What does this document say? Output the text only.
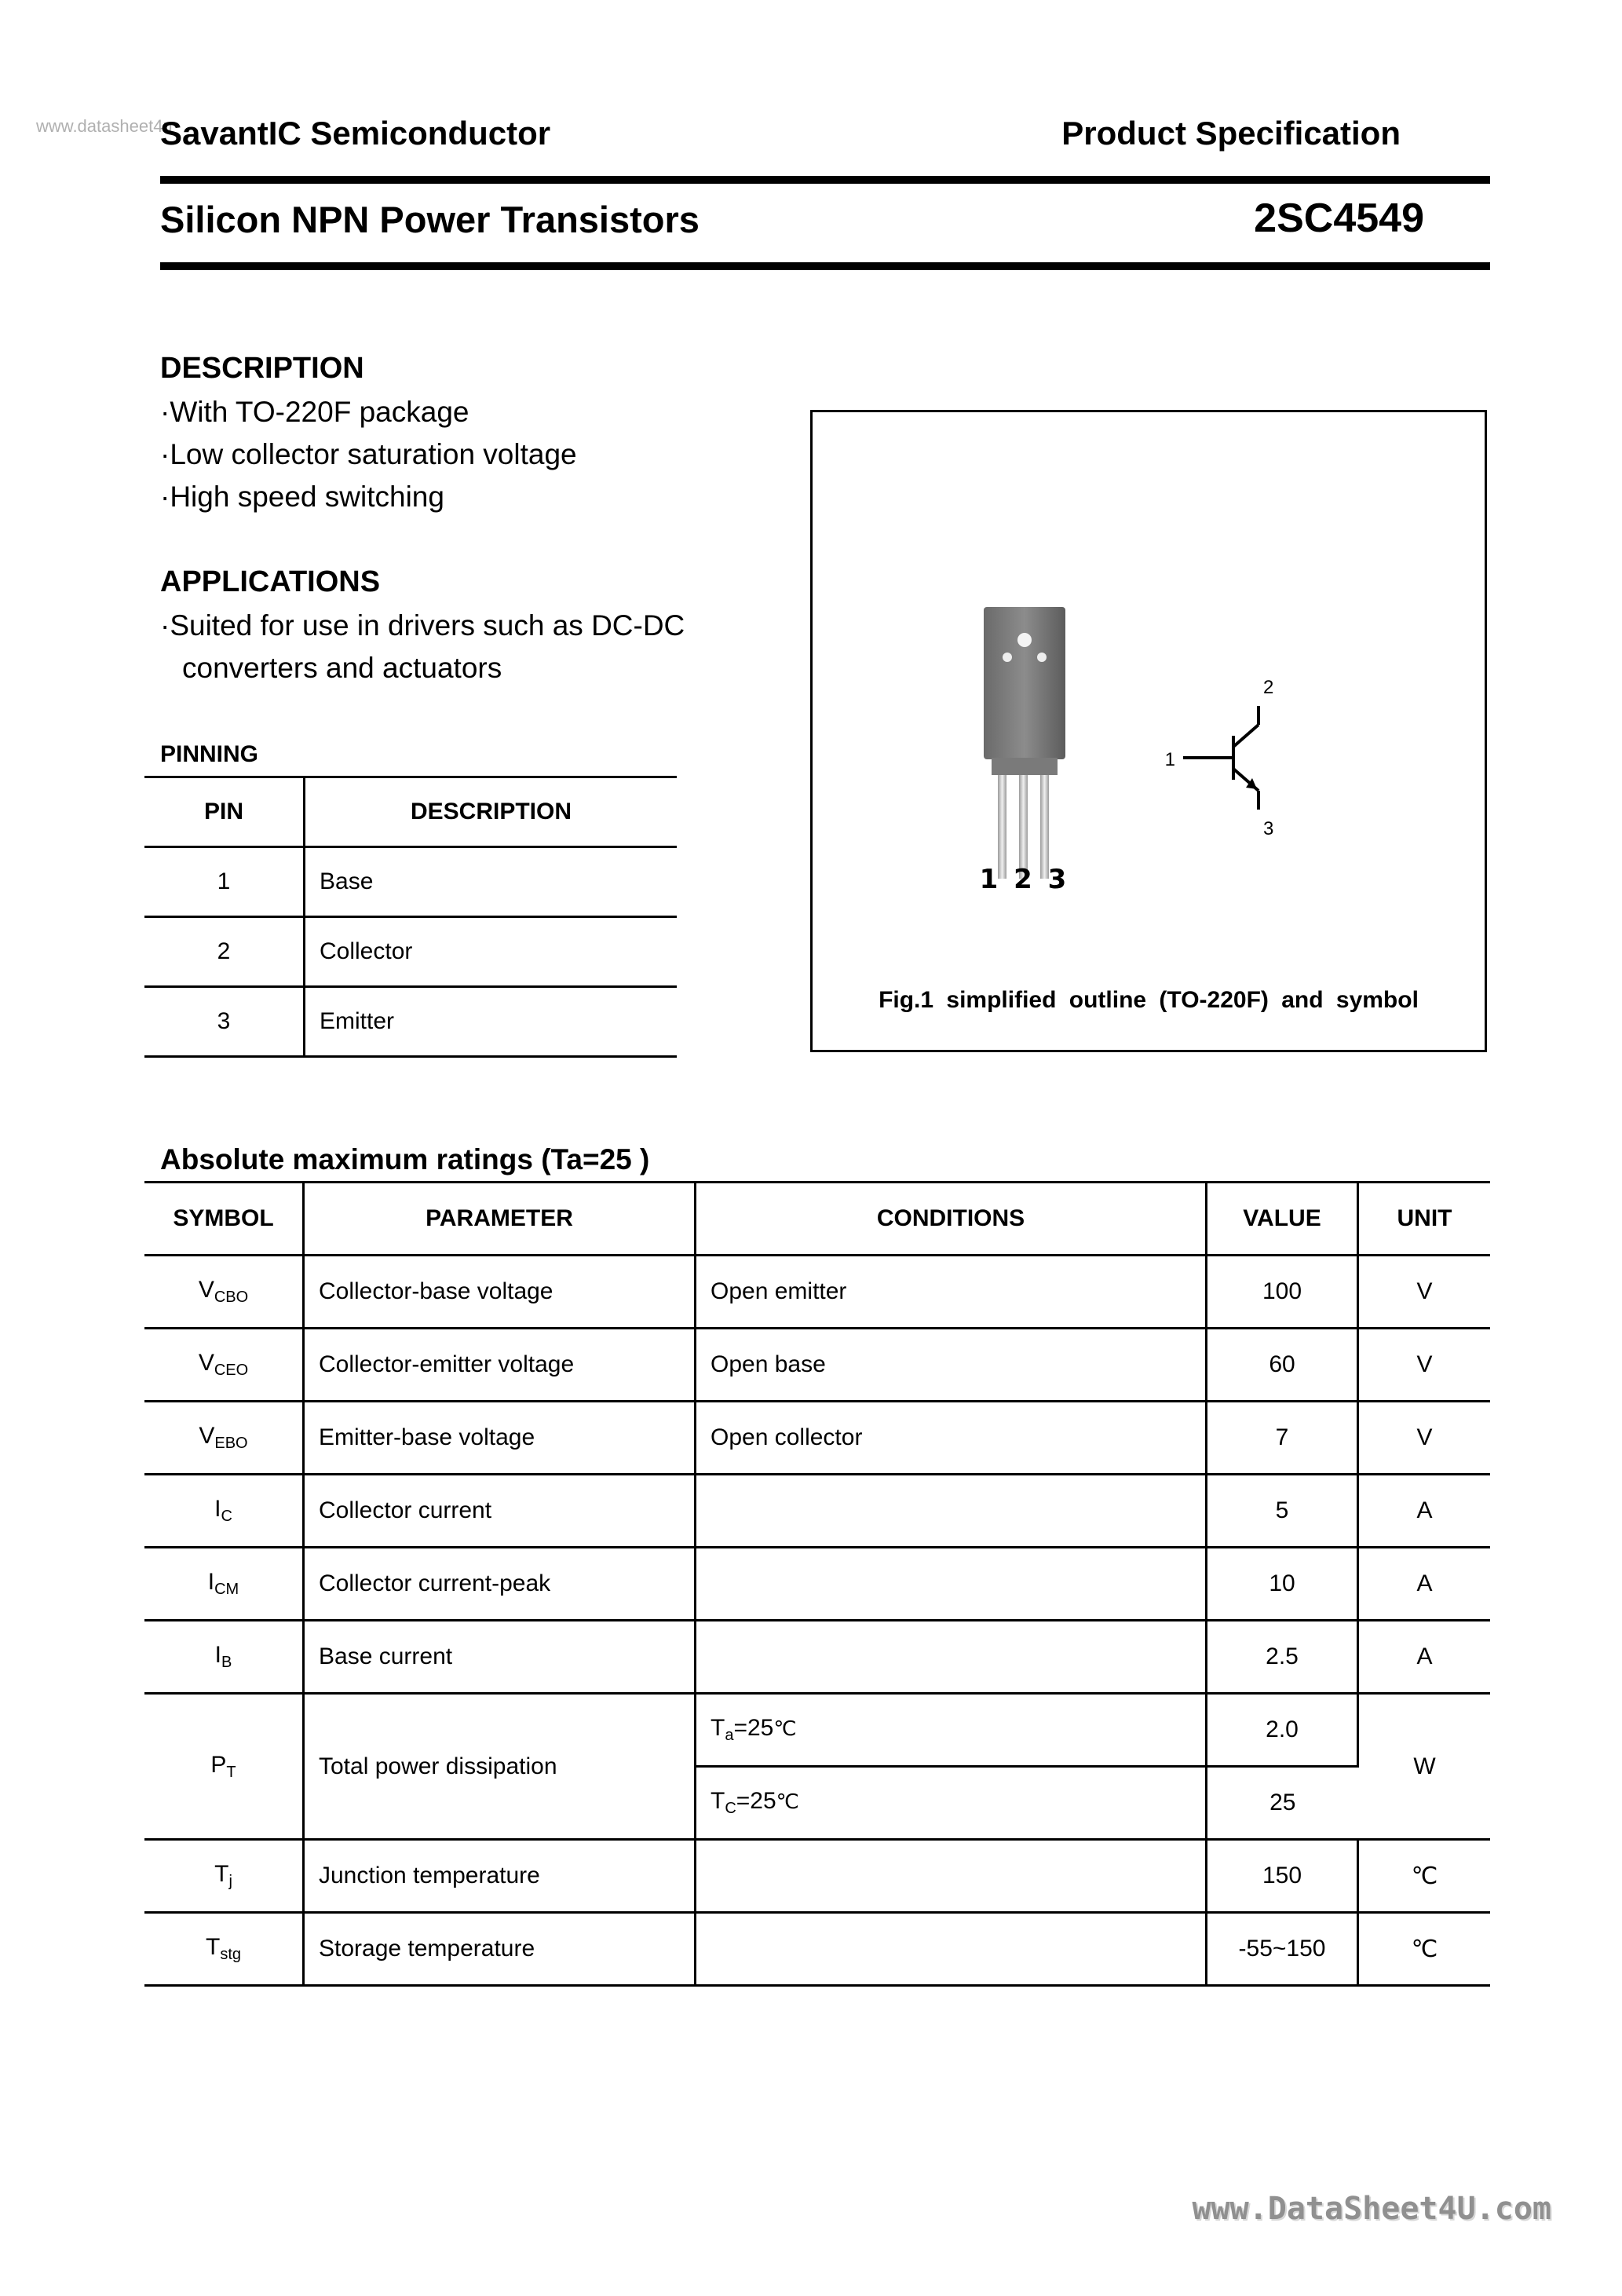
www.datasheet4u
SavantIC Semiconductor	Product Specification
Silicon NPN Power Transistors	2SC4549
DESCRIPTION
·With TO-220F package
·Low collector saturation voltage
·High speed switching
APPLICATIONS
·Suited for use in drivers such as DC-DC
converters and actuators
PINNING
PIN	DESCRIPTION
1	Base
2	Collector
3	Emitter
1 2 3
2
1
3
Fig.1 simplified outline (TO-220F) and symbol
Absolute maximum ratings (Ta=25 )
SYMBOL	PARAMETER	CONDITIONS	VALUE	UNIT
$V_{CBO}$	Collector-base voltage	Open emitter	100	V
$V_{CEO}$	Collector-emitter voltage	Open base	60	V
$V_{EBO}$	Emitter-base voltage	Open collector	7	V
$I_C$	Collector current		5	A
$I_{CM}$	Collector current-peak		10	A
$I_B$	Base current		2.5	A
$P_T$	Total power dissipation	$T_a=25℃$	2.0	W
		$T_C=25℃$	25	
$T_j$	Junction temperature		150	℃
$T_{stg}$	Storage temperature		-55~150	℃
www.DataSheet4U.com
